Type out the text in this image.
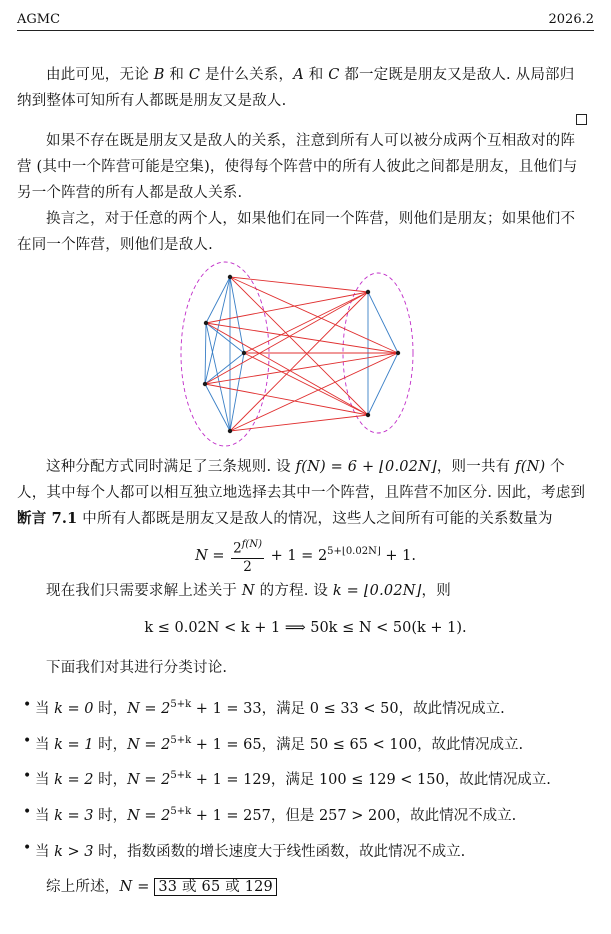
AGMC	2026.2
由此可见，无论 B 和 C 是什么关系，A 和 C 都一定既是朋友又是敌人. 从局部归纳到整体可知所有人都既是朋友又是敌人.
如果不存在既是朋友又是敌人的关系，注意到所有人可以被分成两个互相敌对的阵营 (其中一个阵营可能是空集)，使得每个阵营中的所有人彼此之间都是朋友，且他们与另一个阵营的所有人都是敌人关系.
换言之，对于任意的两个人，如果他们在同一个阵营，则他们是朋友；如果他们不在同一个阵营，则他们是敌人.
这种分配方式同时满足了三条规则. 设 f(N) = 6 + ⌊0.02N⌋，则一共有 f(N) 个人，其中每个人都可以相互独立地选择去其中一个阵营，且阵营不加区分. 因此，考虑到断言 7.1 中所有人都既是朋友又是敌人的情况，这些人之间所有可能的关系数量为
$N = \frac{2^{f(N)}}{2} + 1 = 2^{5+⌊0.02N⌋} + 1$.
现在我们只需要求解上述关于 N 的方程. 设 k = ⌊0.02N⌋，则
k ≤ 0.02N < k + 1 ⟹ 50k ≤ N < 50(k + 1).
下面我们对其进行分类讨论.
• 当 k = 0 时，$N = 2^{5+k} + 1 = 33$，满足 0 ≤ 33 < 50，故此情况成立.
• 当 k = 1 时，$N = 2^{5+k} + 1 = 65$，满足 50 ≤ 65 < 100，故此情况成立.
• 当 k = 2 时，$N = 2^{5+k} + 1 = 129$，满足 100 ≤ 129 < 150，故此情况成立.
• 当 k = 3 时，$N = 2^{5+k} + 1 = 257$，但是 257 > 200，故此情况不成立.
• 当 k > 3 时，指数函数的增长速度大于线性函数，故此情况不成立.
综上所述，N = 33 或 65 或 129
